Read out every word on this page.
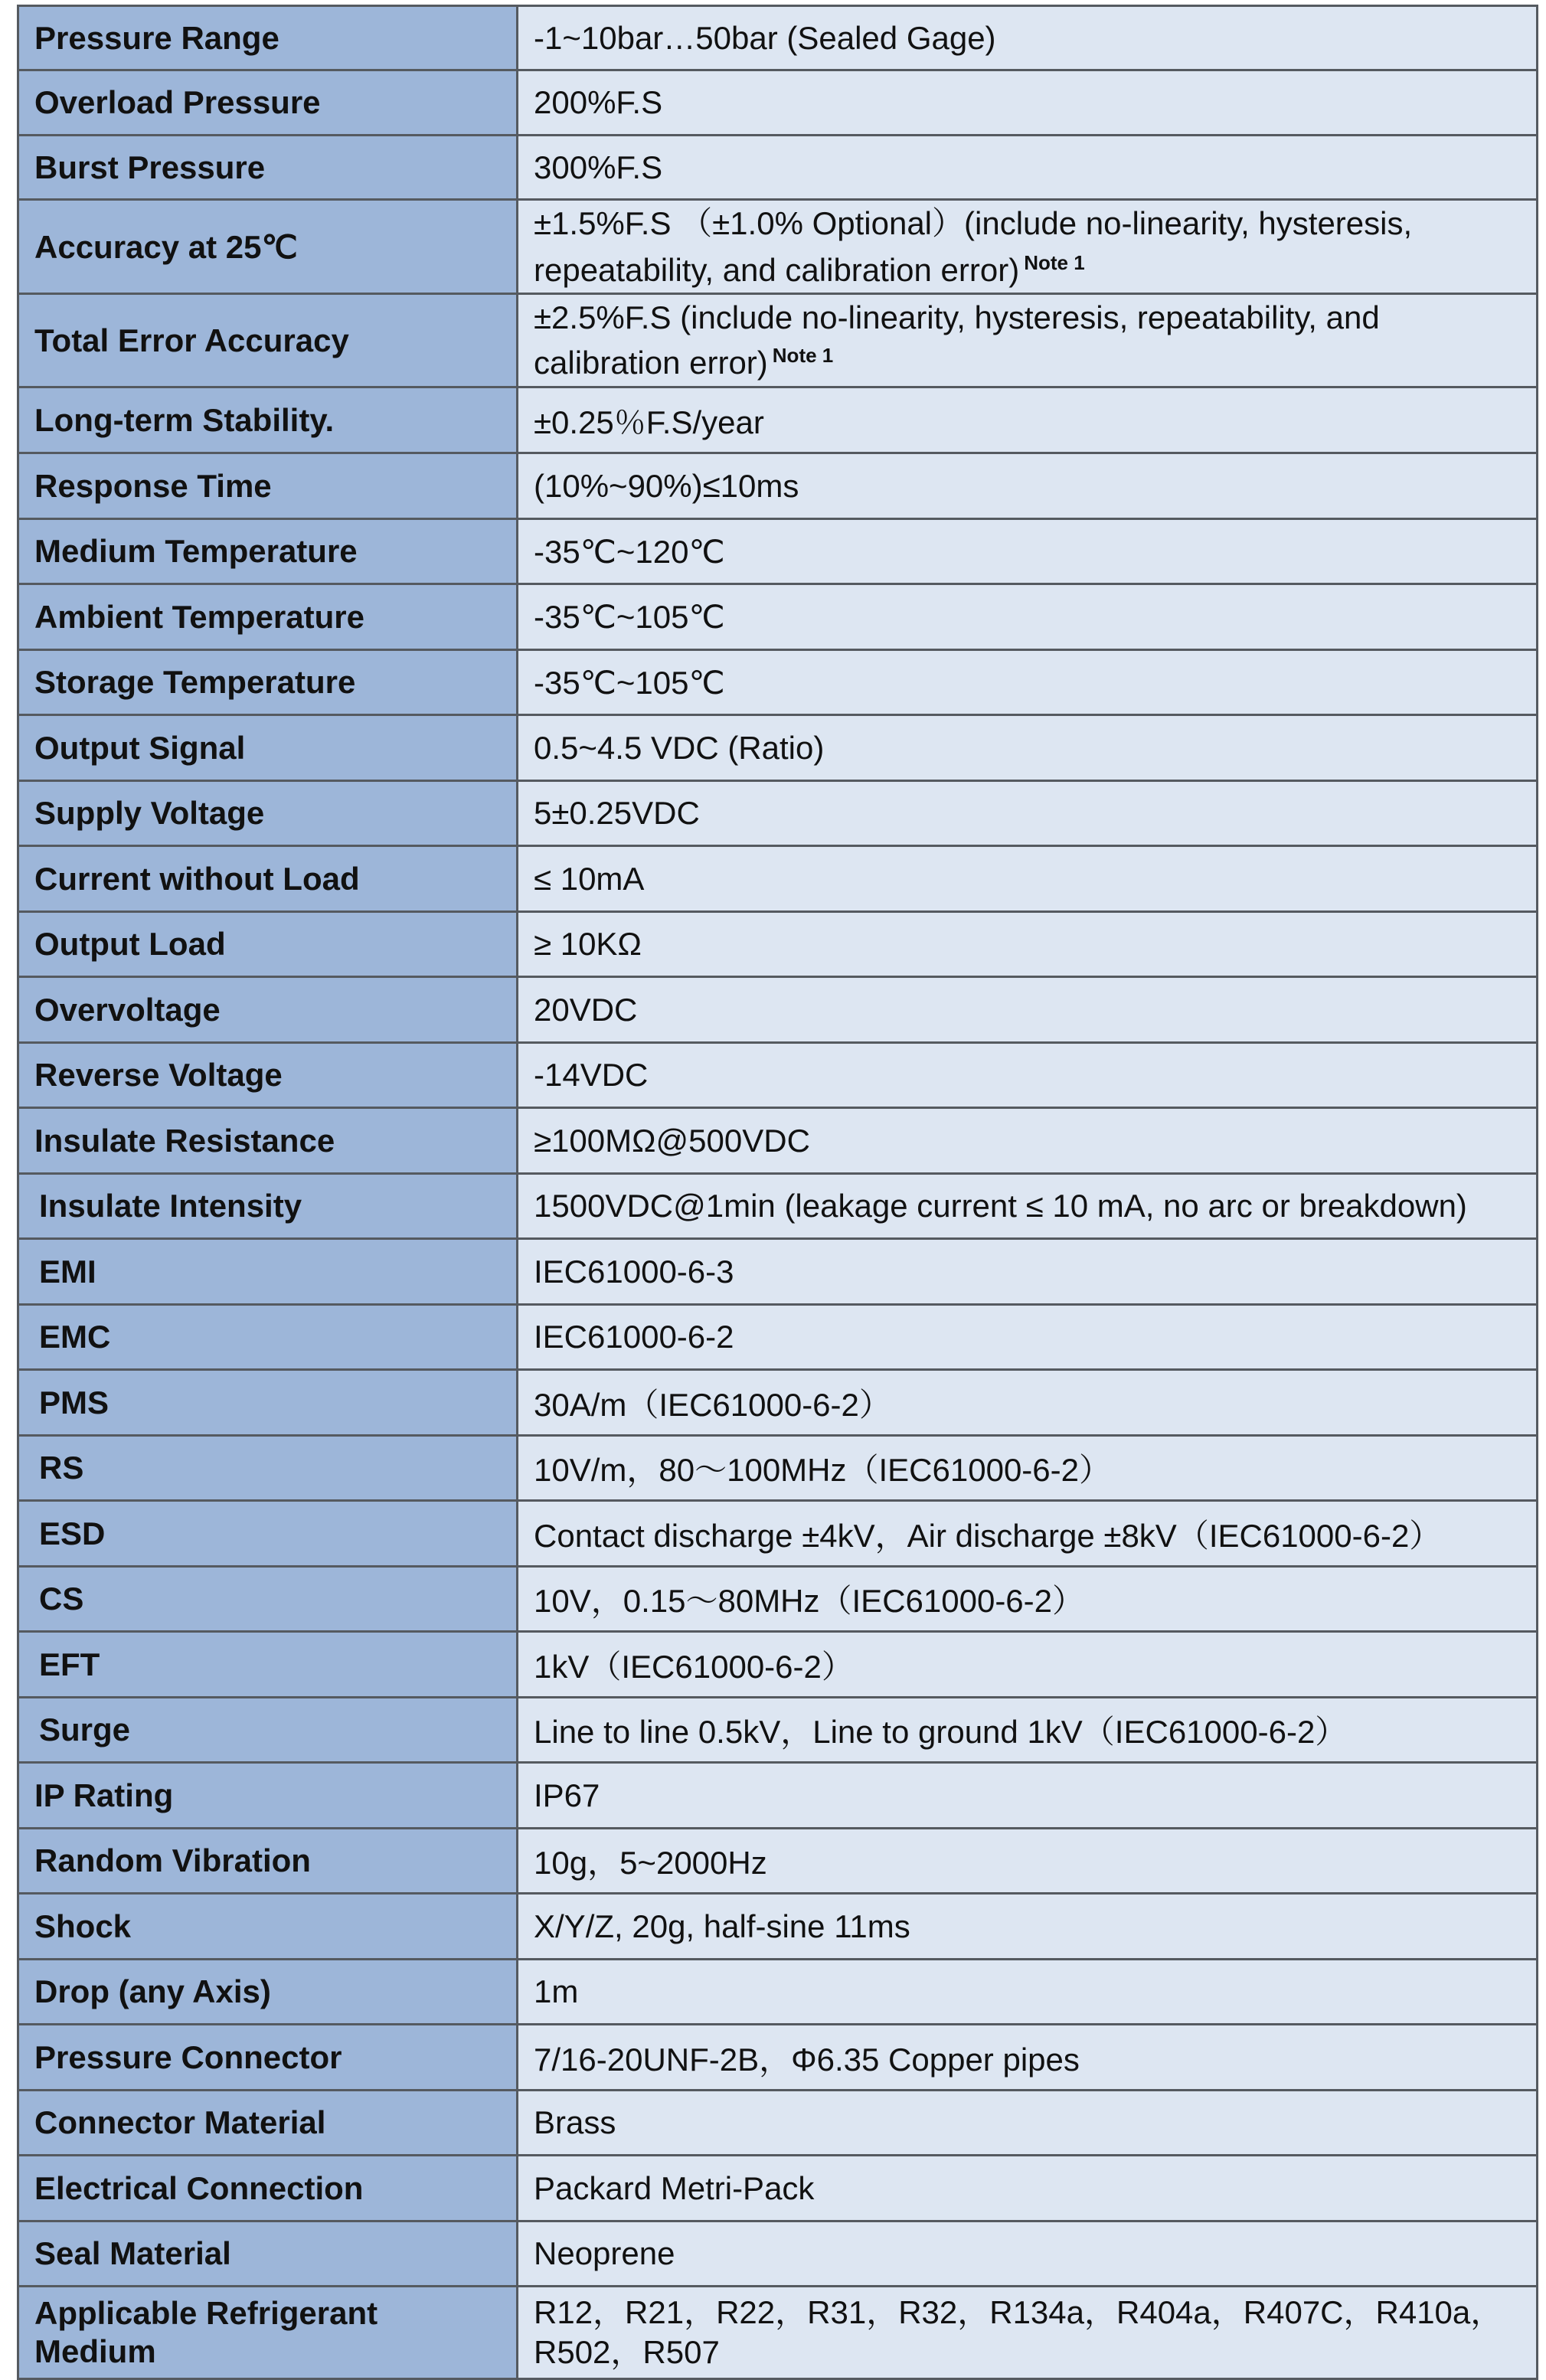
Pressure Range	-1~10bar…50bar (Sealed Gage)
Overload Pressure	200%F.S
Burst Pressure	300%F.S
Accuracy at 25℃	±1.5%F.S （±1.0% Optional）(include no-linearity, hysteresis,
repeatability, and calibration error) $^{Note 1}$

Total Error Accuracy	±2.5%F.S (include no-linearity, hysteresis, repeatability, and
calibration error) $^{Note 1}$

Long-term Stability.	±0.25％F.S/year
Response Time	(10%~90%)≤10ms
Medium Temperature	-35℃~120℃
Ambient Temperature	-35℃~105℃
Storage Temperature	-35℃~105℃
Output Signal	0.5~4.5 VDC (Ratio)
Supply Voltage	5±0.25VDC
Current without Load	≤ 10mA
Output Load	≥ 10KΩ
Overvoltage	20VDC
Reverse Voltage	-14VDC
Insulate Resistance	≥100MΩ@500VDC
Insulate Intensity	1500VDC@1min (leakage current ≤ 10 mA, no arc or breakdown)
EMI	IEC61000-6-3
EMC	IEC61000-6-2
PMS	30A/m（IEC61000-6-2）
RS	10V/m，80～100MHz（IEC61000-6-2）
ESD	Contact discharge ±4kV，Air discharge ±8kV（IEC61000-6-2）
CS	10V，0.15～80MHz（IEC61000-6-2）
EFT	1kV（IEC61000-6-2）
Surge	Line to line 0.5kV，Line to ground 1kV（IEC61000-6-2）
IP Rating	IP67
Random Vibration	10g，5~2000Hz
Shock	X/Y/Z, 20g, half-sine 11ms
Drop (any Axis)	1m
Pressure Connector	7/16-20UNF-2B，Φ6.35 Copper pipes
Connector Material	Brass
Electrical Connection	Packard Metri-Pack
Seal Material	Neoprene

Applicable Refrigerant
Medium	R12，R21，R22，R31，R32，R134a，R404a，R407C，R410a，
R502，R507
